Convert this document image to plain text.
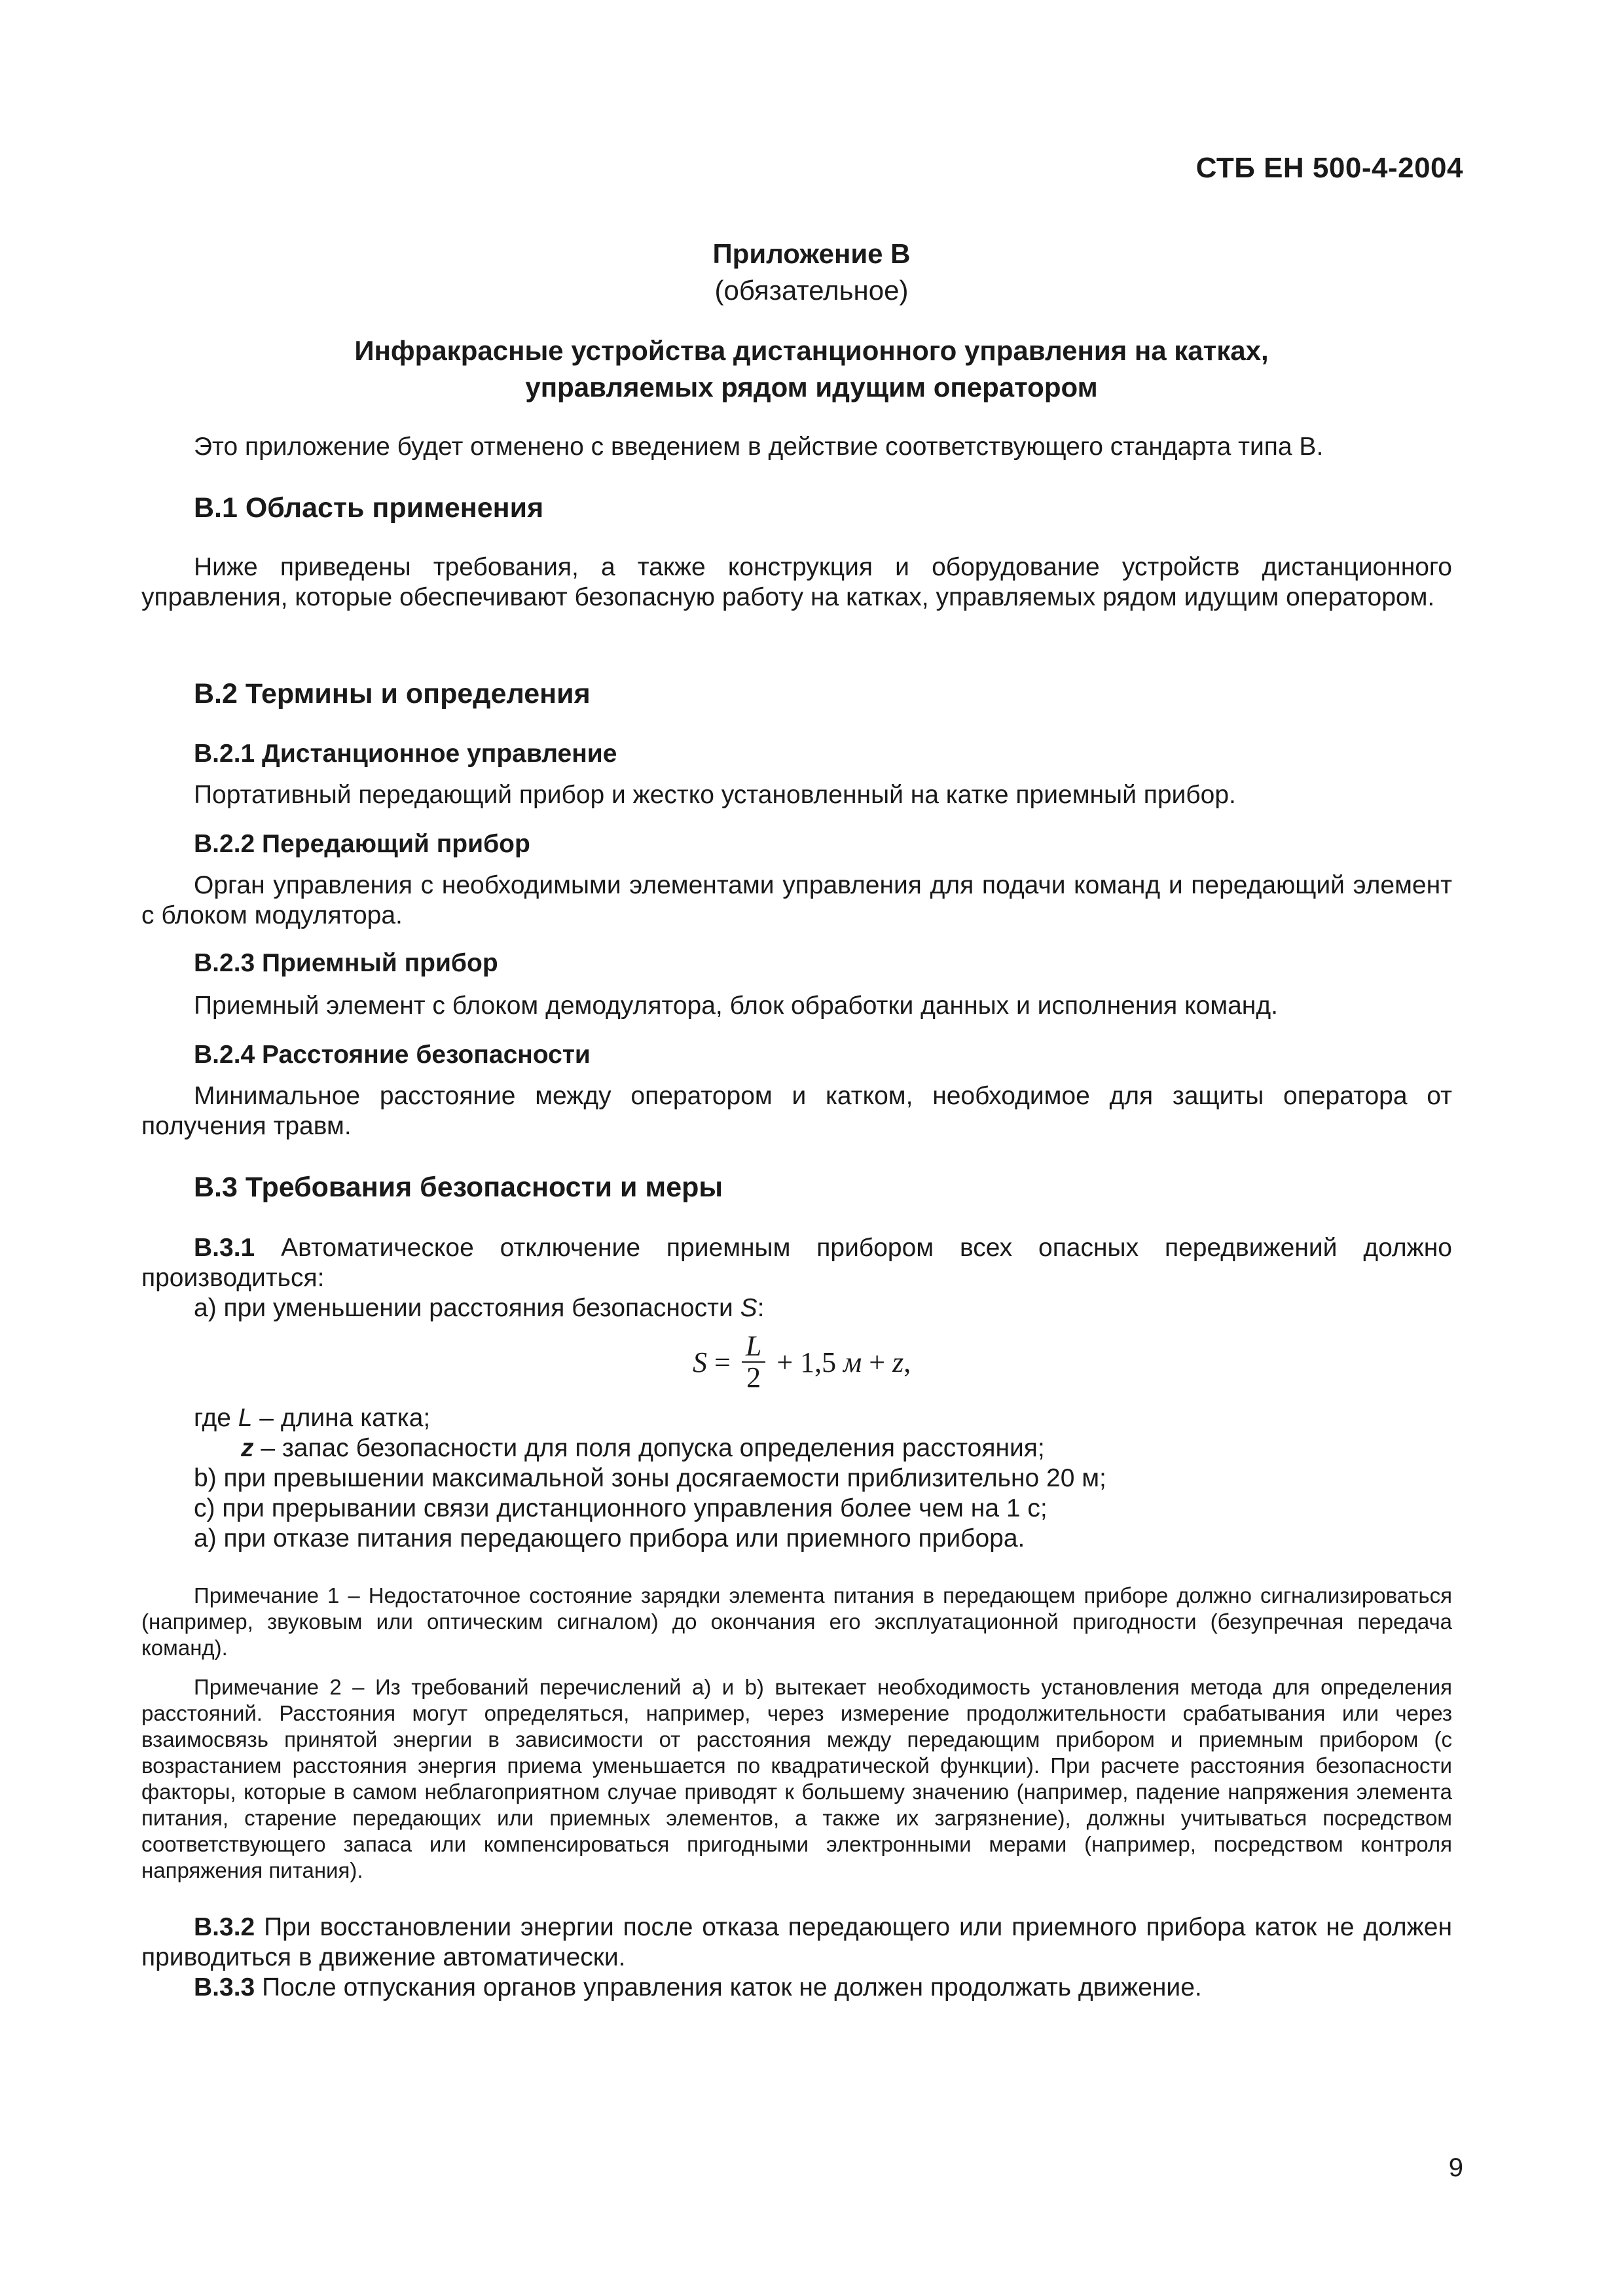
СТБ ЕН 500-4-2004
Приложение В
(обязательное)
Инфракрасные устройства дистанционного управления на катках,
управляемых рядом идущим оператором

Это приложение будет отменено с введением в действие соответствующего стандарта типа В.

В.1 Область применения

Ниже приведены требования, а также конструкция и оборудование устройств дистанционного управления, которые обеспечивают безопасную работу на катках, управляемых рядом идущим оператором.

В.2 Термины и определения
В.2.1 Дистанционное управление

Портативный передающий прибор и жестко установленный на катке приемный прибор.

В.2.2 Передающий прибор

Орган управления с необходимыми элементами управления для подачи команд и передающий элемент с блоком модулятора.

В.2.3 Приемный прибор

Приемный элемент с блоком демодулятора, блок обработки данных и исполнения команд.

В.2.4 Расстояние безопасности

Минимальное расстояние между оператором и катком, необходимое для защиты оператора от получения травм.

В.3 Требования безопасности и меры

В.3.1 Автоматическое отключение приемным прибором всех опасных передвижений должно производиться:

а) при уменьшении расстояния безопасности S:

$S = \frac{L}{2} + 1,5$ м + z ,

где L – длина катка;

z – запас безопасности для поля допуска определения расстояния;

b) при превышении максимальной зоны досягаемости приблизительно 20 м;

c) при прерывании связи дистанционного управления более чем на 1 с;

а) при отказе питания передающего прибора или приемного прибора.

Примечание 1 – Недостаточное состояние зарядки элемента питания в передающем приборе должно сигнализироваться (например, звуковым или оптическим сигналом) до окончания его эксплуатационной пригодности (безупречная передача команд).

Примечание 2 – Из требований перечислений а) и b) вытекает необходимость установления метода для определения расстояний. Расстояния могут определяться, например, через измерение продолжительности срабатывания или через взаимосвязь принятой энергии в зависимости от расстояния между передающим прибором и приемным прибором (с возрастанием расстояния энергия приема уменьшается по квадратической функции). При расчете расстояния безопасности факторы, которые в самом неблагоприятном случае приводят к большему значению (например, падение напряжения элемента питания, старение передающих или приемных элементов, а также их загрязнение), должны учитываться посредством соответствующего запаса или компенсироваться пригодными электронными мерами (например, посредством контроля напряжения питания).

В.3.2 При восстановлении энергии после отказа передающего или приемного прибора каток не должен приводиться в движение автоматически.

В.3.3 После отпускания органов управления каток не должен продолжать движение.

9
